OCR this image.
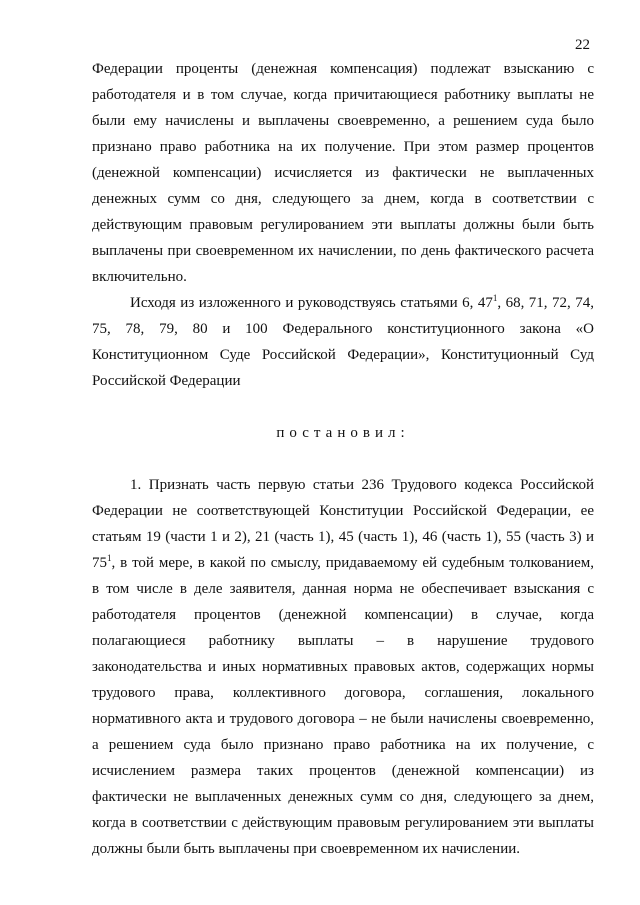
22
Федерации проценты (денежная компенсация) подлежат взысканию с
работодателя и в том случае, когда причитающиеся работнику выплаты не
были ему начислены и выплачены своевременно, а решением суда было
признано право работника на их получение. При этом размер процентов
(денежной компенсации) исчисляется из фактически не выплаченных
денежных сумм со дня, следующего за днем, когда в соответствии с
действующим правовым регулированием эти выплаты должны были быть
выплачены при своевременном их начислении, по день фактического расчета
включительно.
Исходя из изложенного и руководствуясь статьями 6, $47^1$, 68, 71, 72, 74,
75, 78, 79, 80 и 100 Федерального конституционного закона «О
Конституционном Суде Российской Федерации», Конституционный Суд
Российской Федерации
постановил:
1. Признать часть первую статьи 236 Трудового кодекса Российской
Федерации не соответствующей Конституции Российской Федерации, ее
статьям 19 (части 1 и 2), 21 (часть 1), 45 (часть 1), 46 (часть 1), 55 (часть 3) и
$75^1$, в той мере, в какой по смыслу, придаваемому ей судебным толкованием,
в том числе в деле заявителя, данная норма не обеспечивает взыскания с
работодателя процентов (денежной компенсации) в случае, когда
полагающиеся работнику выплаты – в нарушение трудового
законодательства и иных нормативных правовых актов, содержащих нормы
трудового права, коллективного договора, соглашения, локального
нормативного акта и трудового договора – не были начислены своевременно,
а решением суда было признано право работника на их получение, с
исчислением размера таких процентов (денежной компенсации) из
фактически не выплаченных денежных сумм со дня, следующего за днем,
когда в соответствии с действующим правовым регулированием эти выплаты
должны были быть выплачены при своевременном их начислении.
